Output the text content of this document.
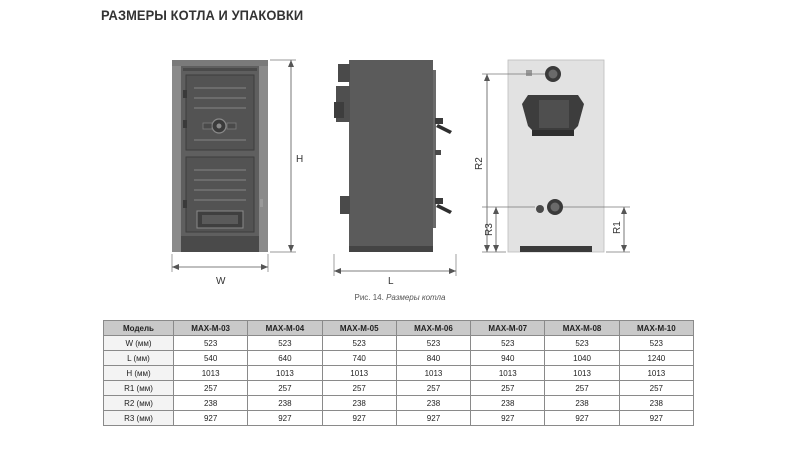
РАЗМЕРЫ КОТЛА И УПАКОВКИ
H
W	L
R2
R3	R1
Рис. 14. Размеры котла
Модель	MAX-M-03	MAX-M-04	MAX-M-05	MAX-M-06	MAX-M-07	MAX-M-08	MAX-M-10
W (мм)	523	523	523	523	523	523	523
L (мм)	540	640	740	840	940	1040	1240
H (мм)	1013	1013	1013	1013	1013	1013	1013
R1 (мм)	257	257	257	257	257	257	257
R2 (мм)	238	238	238	238	238	238	238
R3 (мм)	927	927	927	927	927	927	927
